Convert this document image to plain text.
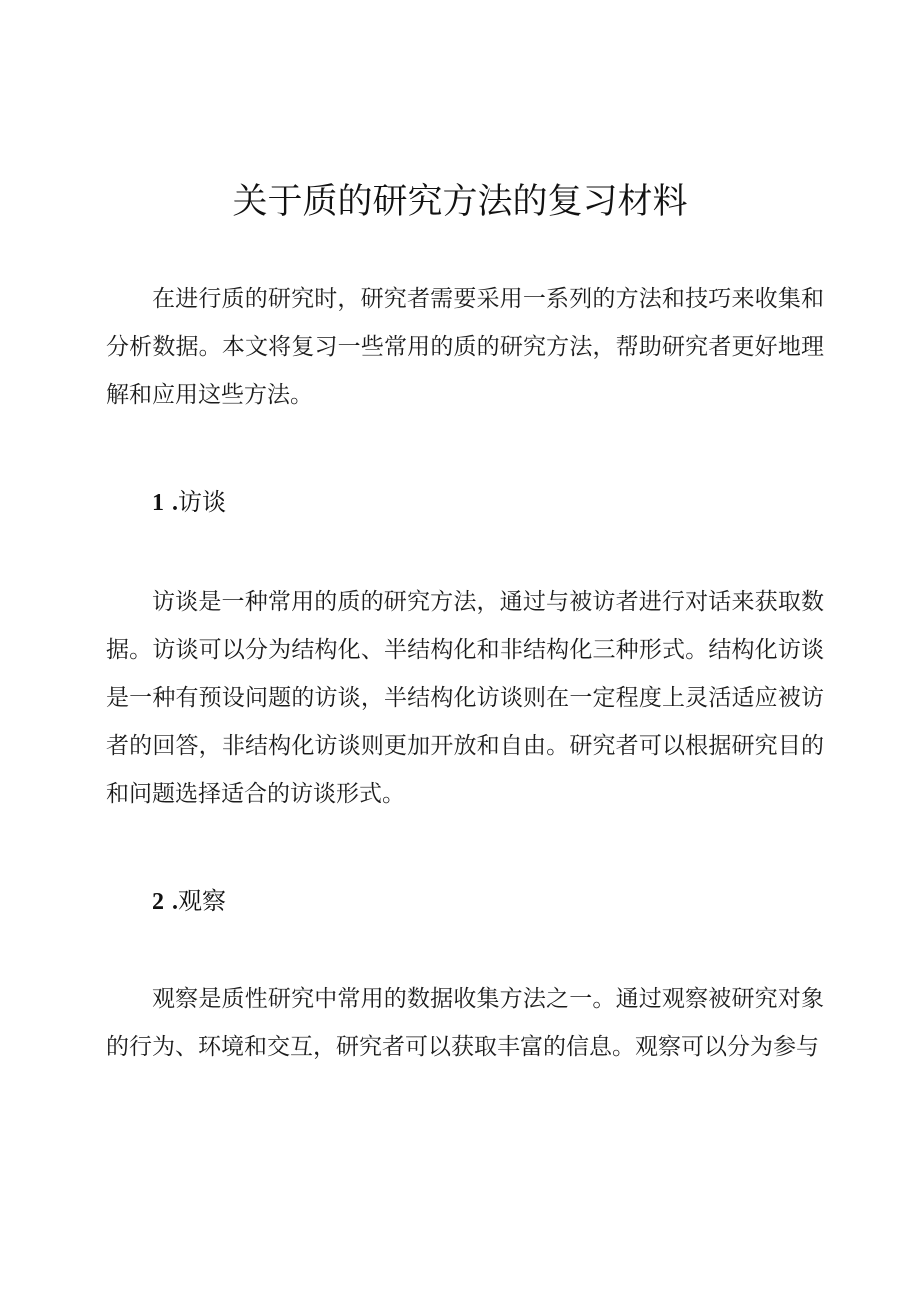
关于质的研究方法的复习材料

在进行质的研究时，研究者需要采用一系列的方法和技巧来收集和分析数据。本文将复习一些常用的质的研究方法，帮助研究者更好地理解和应用这些方法。

1 .访谈

访谈是一种常用的质的研究方法，通过与被访者进行对话来获取数据。访谈可以分为结构化、半结构化和非结构化三种形式。结构化访谈是一种有预设问题的访谈，半结构化访谈则在一定程度上灵活适应被访者的回答，非结构化访谈则更加开放和自由。研究者可以根据研究目的和问题选择适合的访谈形式。

2 .观察

观察是质性研究中常用的数据收集方法之一。通过观察被研究对象的行为、环境和交互，研究者可以获取丰富的信息。观察可以分为参与
